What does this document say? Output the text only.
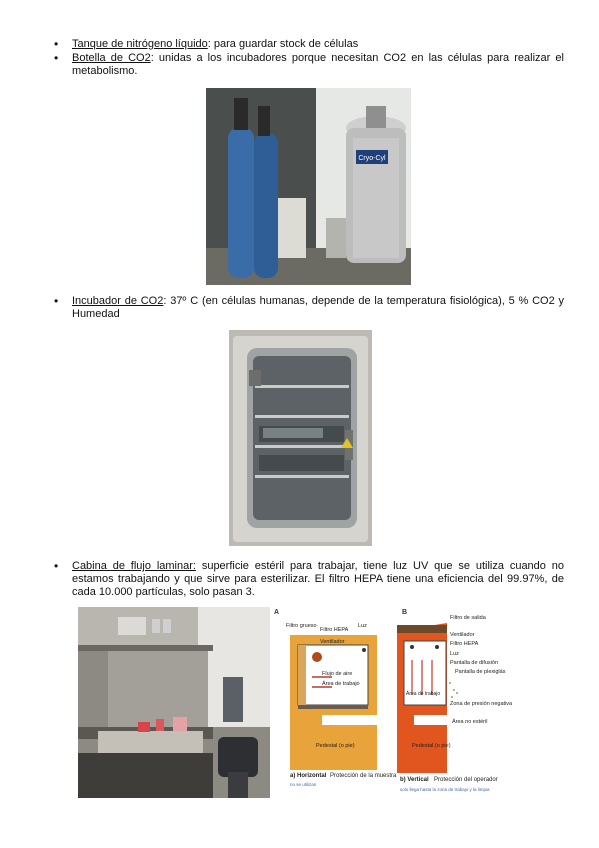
•	Tanque de nitrógeno líquido: para guardar stock de células
•	Botella de CO2: unidas a los incubadores porque necesitan CO2 en las células para realizar el metabolismo.
Cryo-Cyl
•	Incubador de CO2: 37º C (en células humanas, depende de la temperatura fisiológica), 5 % CO2 y Humedad
•	Cabina de flujo laminar: superficie estéril para trabajar, tiene luz UV que se utiliza cuando no estamos trabajando y que sirve para esterilizar. El filtro HEPA tiene una eficiencia del 99.97%, de cada 10.000 partículas, solo pasan 3.
A
Filtro grueso
Filtro HEPA
Luz
Ventilador
Flujo de aire
Área de trabajo
Pedestal (o pie)
a) Horizontal Protección de la muestra
no se utilizan
B
Filtro de salida
Ventilador
Filtro HEPA
Luz
Pantalla de difusión
Pantalla de plexiglás
Área de trabajo
Zona de presión negativa
Área no estéril
Pedestal (o pie)
b) Vertical Protección del operador
solo llega hasta la zona de trabajo y la limpia
